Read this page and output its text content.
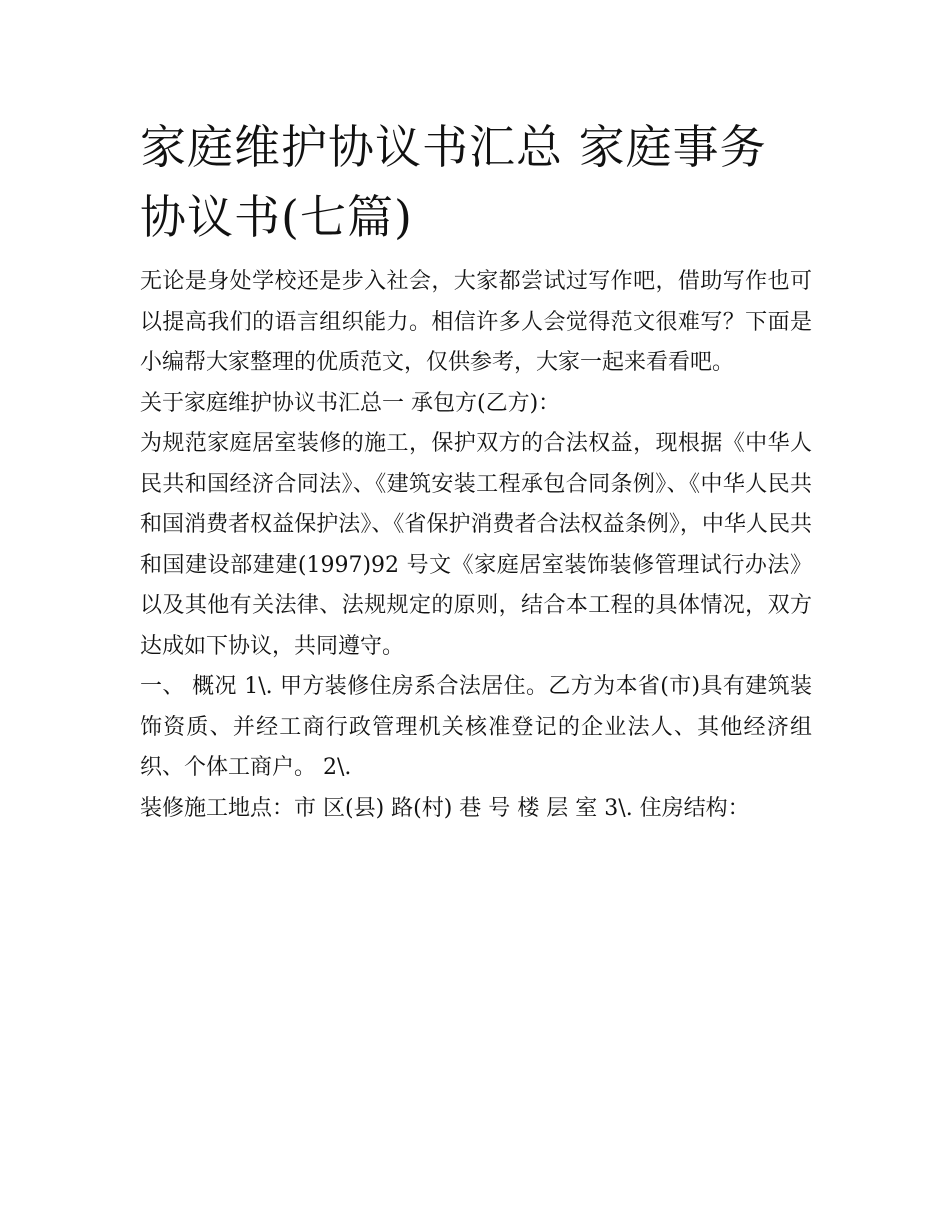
家庭维护协议书汇总 家庭事务协议书(七篇)

无论是身处学校还是步入社会，大家都尝试过写作吧，借助写作也可以提高我们的语言组织能力。相信许多人会觉得范文很难写？下面是小编帮大家整理的优质范文，仅供参考，大家一起来看看吧。

关于家庭维护协议书汇总一 承包方(乙方)：

为规范家庭居室装修的施工，保护双方的合法权益，现根据《中华人民共和国经济合同法》、《建筑安装工程承包合同条例》、《中华人民共和国消费者权益保护法》、《省保护消费者合法权益条例》，中华人民共和国建设部建建(1997)92 号文《家庭居室装饰装修管理试行办法》以及其他有关法律、法规规定的原则，结合本工程的具体情况，双方达成如下协议，共同遵守。

一、 概况 1\. 甲方装修住房系合法居住。乙方为本省(市)具有建筑装饰资质、并经工商行政管理机关核准登记的企业法人、其他经济组织、个体工商户。 2\.

装修施工地点：市 区(县) 路(村) 巷 号 楼 层 室 3\. 住房结构：
